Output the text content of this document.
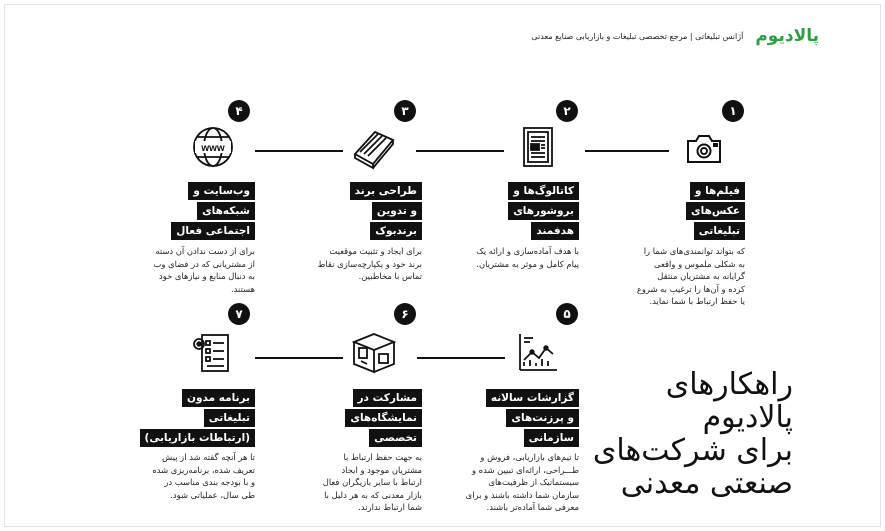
پالادیوم
آژانس تبلیغاتی | مرجع تخصصی تبلیغات و بازاریابی صنایع معدنی
۱
فیلم‌ها و
عکس‌های
تبلیغاتی
که بتواند توانمندی‌های شما را
به شکلی ملموس و واقعی
گرایانه به مشتریان منتقل
کرده و آن‌ها را ترغیب به شروع
یا حفظ ارتباط با شما نماید.
۲
کاتالوگ‌ها و
بروشورهای
هدفمند
با هدف آماده‌سازی و ارائه یک
پیام کامل و موثر به مشتریان.
۳
طراحی برند
و تدوین
برندبوک
برای ایجاد و تثبیت موقعیت
برند خود و یکپارچه‌سازی نقاط
تماس با مخاطبین.
۴
www
وب‌سایت و
شبکه‌های
اجتماعی فعال
برای از دست ندادن آن دسته
از مشتریانی که در فضای وب
به دنبال منابع و نیازهای خود
هستند.
۵
گزارشات سالانه
و پرزنت‌های
سازمانی
تا تیم‌های بازاریابی، فروش و
طـــراحی، ارائه‌ای تبیین شده و
سیستماتیک از ظرفیت‌های
سازمان شما داشته باشند و برای
معرفی شما آماده‌تر باشند.
۶
مشارکت در
نمایشگاه‌های
تخصصی
به جهت حفظ ارتباط با
مشتریان موجود و ایجاد
ارتباط با سایر بازیگران فعال
بازار معدنی که به هر دلیل با
شما ارتباط ندارند.
۷
برنامه مدون
تبلیغاتی
(ارتباطات بازاریابی)
تا هر آنچه گفته شد از پیش
تعریف شده، برنامه‌ریزی شده
و با بودجه بندی مناسب در
طی سال، عملیاتی شود.
راهکارهای
پالادیوم
برای شرکت‌های
صنعتی معدنی
